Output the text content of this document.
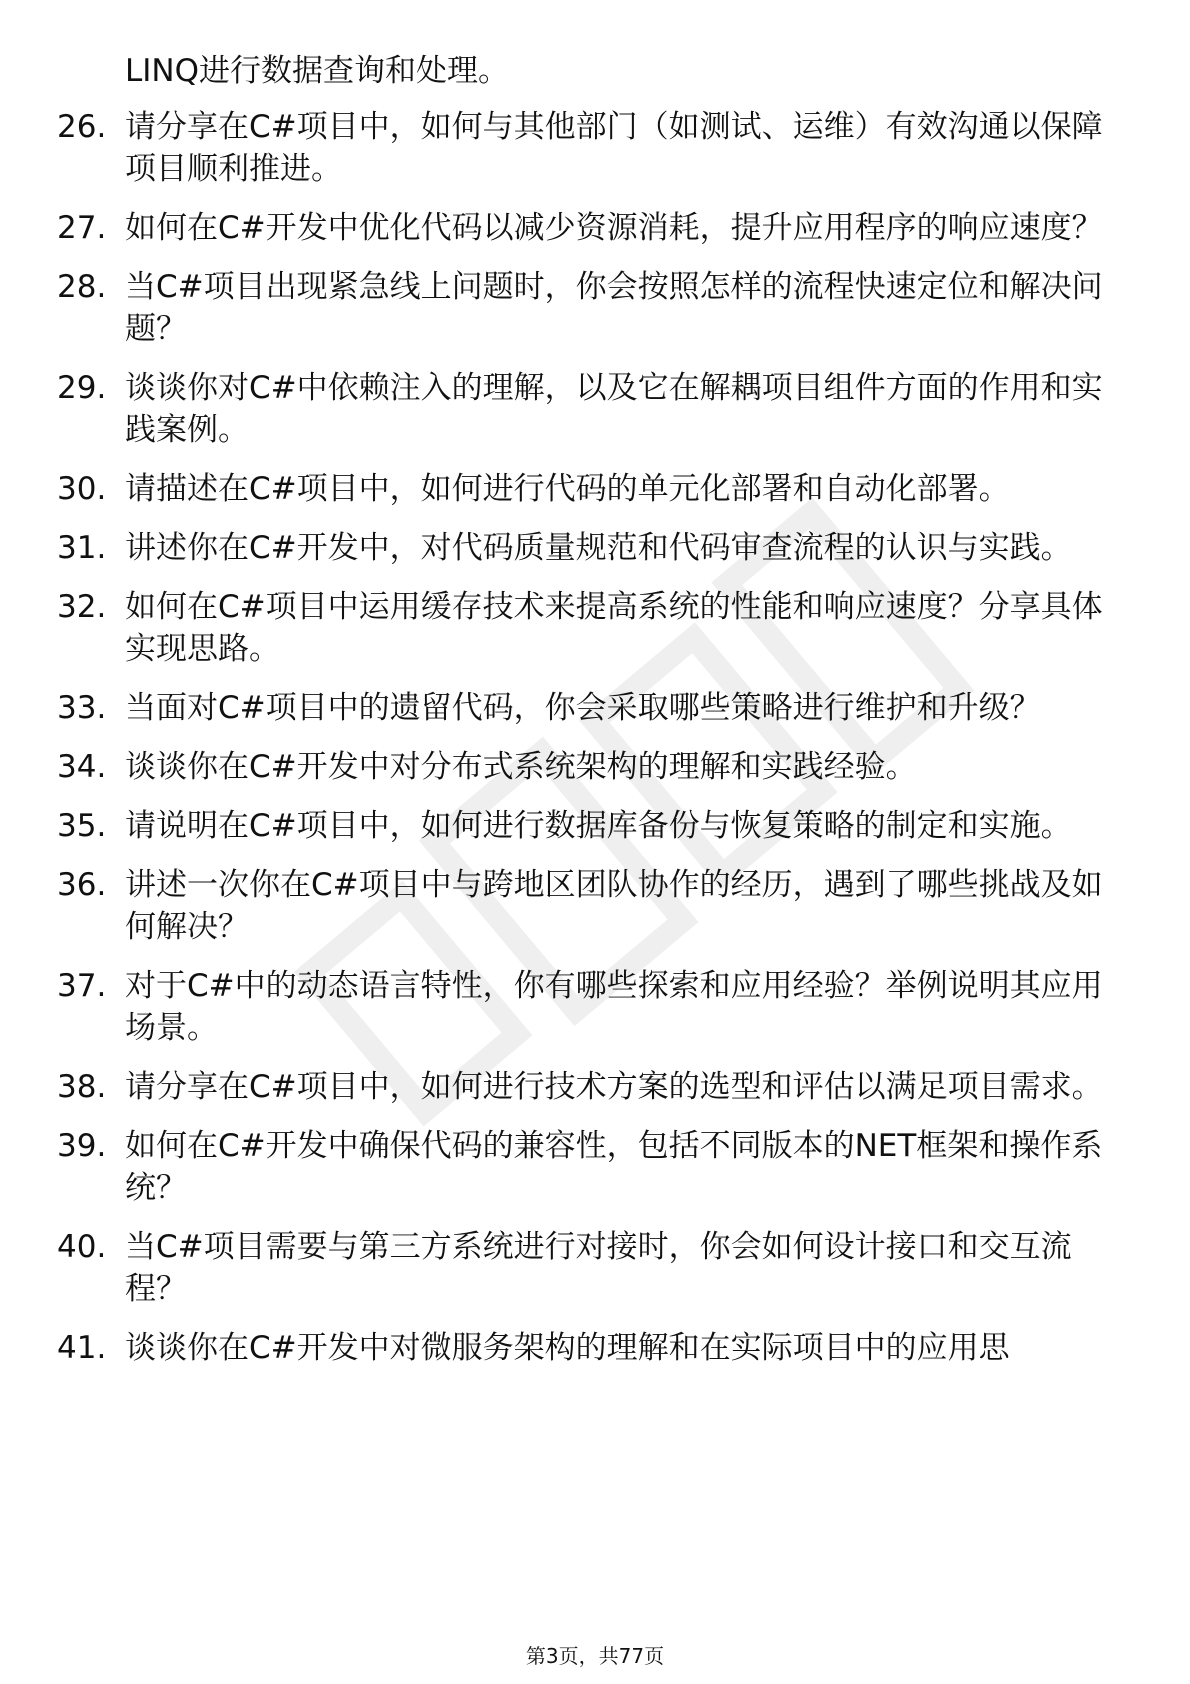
LINQ进行数据查询和处理。
26. 请分享在C#项目中，如何与其他部门（如测试、运维）有效沟通以保障项目顺利推进。
27. 如何在C#开发中优化代码以减少资源消耗，提升应用程序的响应速度？
28. 当C#项目出现紧急线上问题时，你会按照怎样的流程快速定位和解决问题？
29. 谈谈你对C#中依赖注入的理解，以及它在解耦项目组件方面的作用和实践案例。
30. 请描述在C#项目中，如何进行代码的单元化部署和自动化部署。
31. 讲述你在C#开发中，对代码质量规范和代码审查流程的认识与实践。
32. 如何在C#项目中运用缓存技术来提高系统的性能和响应速度？分享具体实现思路。
33. 当面对C#项目中的遗留代码，你会采取哪些策略进行维护和升级？
34. 谈谈你在C#开发中对分布式系统架构的理解和实践经验。
35. 请说明在C#项目中，如何进行数据库备份与恢复策略的制定和实施。
36. 讲述一次你在C#项目中与跨地区团队协作的经历，遇到了哪些挑战及如何解决？
37. 对于C#中的动态语言特性，你有哪些探索和应用经验？举例说明其应用场景。
38. 请分享在C#项目中，如何进行技术方案的选型和评估以满足项目需求。
39. 如何在C#开发中确保代码的兼容性，包括不同版本的NET框架和操作系统？
40. 当C#项目需要与第三方系统进行对接时，你会如何设计接口和交互流程？
41. 谈谈你在C#开发中对微服务架构的理解和在实际项目中的应用思
第3页，共77页
